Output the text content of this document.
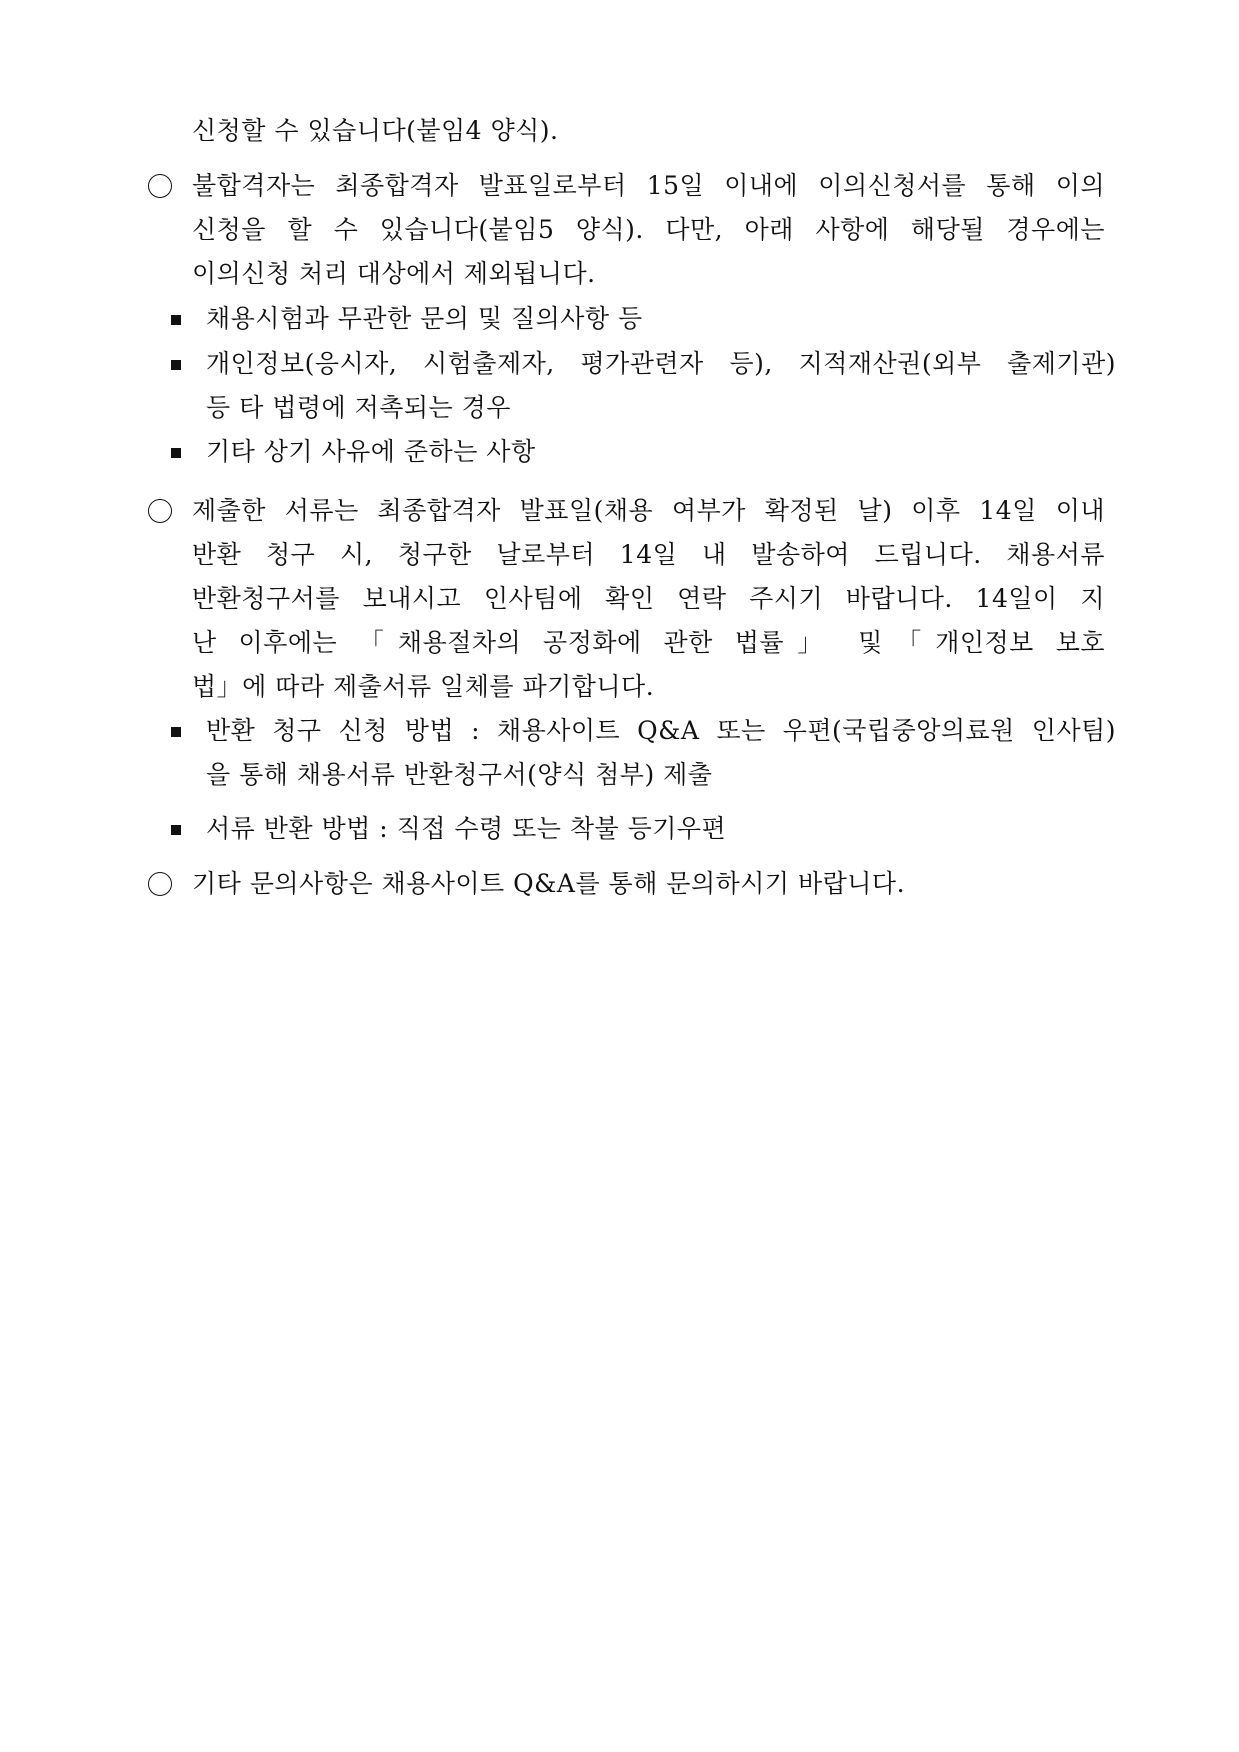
신청할 수 있습니다(붙임4 양식).
불합격자는 최종합격자 발표일로부터 15일 이내에 이의신청서를 통해 이의
신청을 할 수 있습니다(붙임5 양식). 다만, 아래 사항에 해당될 경우에는
이의신청 처리 대상에서 제외됩니다.
채용시험과 무관한 문의 및 질의사항 등
개인정보(응시자, 시험출제자, 평가관련자 등), 지적재산권(외부 출제기관)
등 타 법령에 저촉되는 경우
기타 상기 사유에 준하는 사항
제출한 서류는 최종합격자 발표일(채용 여부가 확정된 날) 이후 14일 이내
반환 청구 시, 청구한 날로부터 14일 내 발송하여 드립니다. 채용서류
반환청구서를 보내시고 인사팀에 확인 연락 주시기 바랍니다. 14일이 지
난 이후에는 「채용절차의 공정화에 관한 법률」 및「개인정보 보호
법」에 따라 제출서류 일체를 파기합니다.
반환 청구 신청 방법 : 채용사이트 Q&A 또는 우편(국립중앙의료원 인사팀)
을 통해 채용서류 반환청구서(양식 첨부) 제출
서류 반환 방법 : 직접 수령 또는 착불 등기우편
기타 문의사항은 채용사이트 Q&A를 통해 문의하시기 바랍니다.
